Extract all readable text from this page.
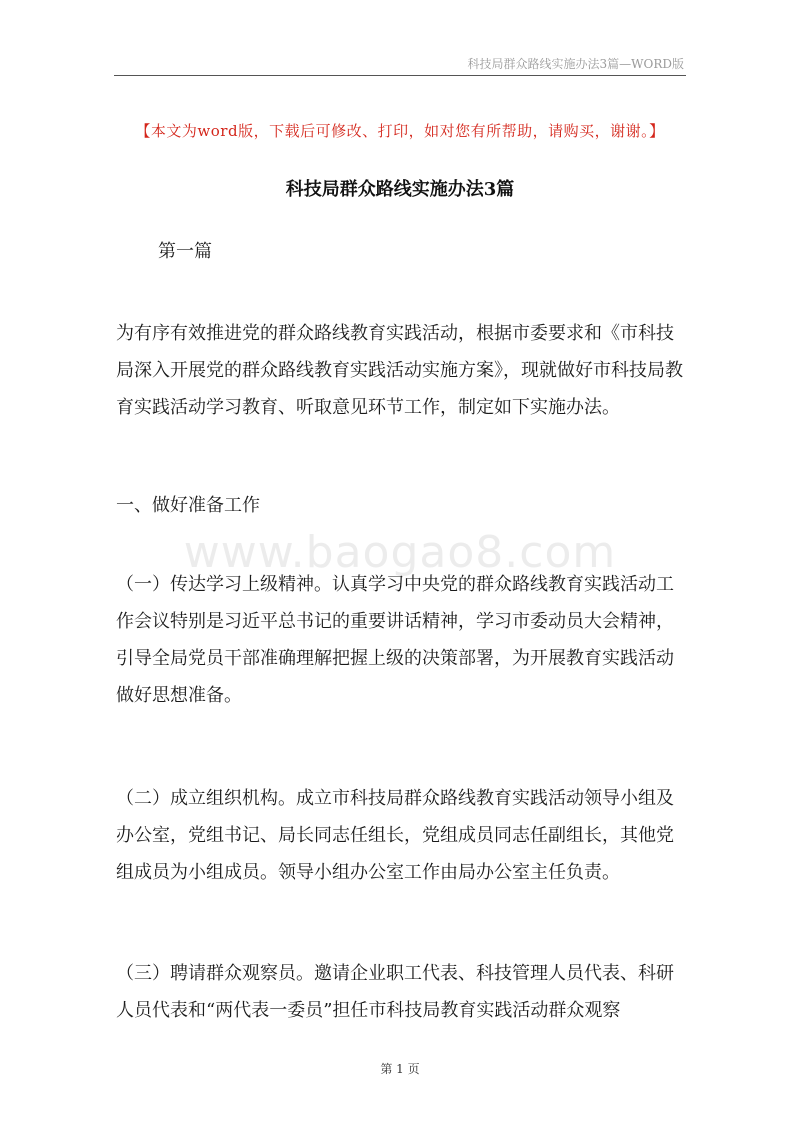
科技局群众路线实施办法3篇—WORD版
【本文为word版，下载后可修改、打印，如对您有所帮助，请购买，谢谢。】
科技局群众路线实施办法3篇
第一篇
为有序有效推进党的群众路线教育实践活动，根据市委要求和《市科技局深入开展党的群众路线教育实践活动实施方案》，现就做好市科技局教育实践活动学习教育、听取意见环节工作，制定如下实施办法。
一、做好准备工作
www.baogao8.com
（一）传达学习上级精神。认真学习中央党的群众路线教育实践活动工作会议特别是习近平总书记的重要讲话精神，学习市委动员大会精神，引导全局党员干部准确理解把握上级的决策部署，为开展教育实践活动做好思想准备。
（二）成立组织机构。成立市科技局群众路线教育实践活动领导小组及办公室，党组书记、局长同志任组长，党组成员同志任副组长，其他党组成员为小组成员。领导小组办公室工作由局办公室主任负责。
（三）聘请群众观察员。邀请企业职工代表、科技管理人员代表、科研人员代表和“两代表一委员”担任市科技局教育实践活动群众观察
第 1 页
